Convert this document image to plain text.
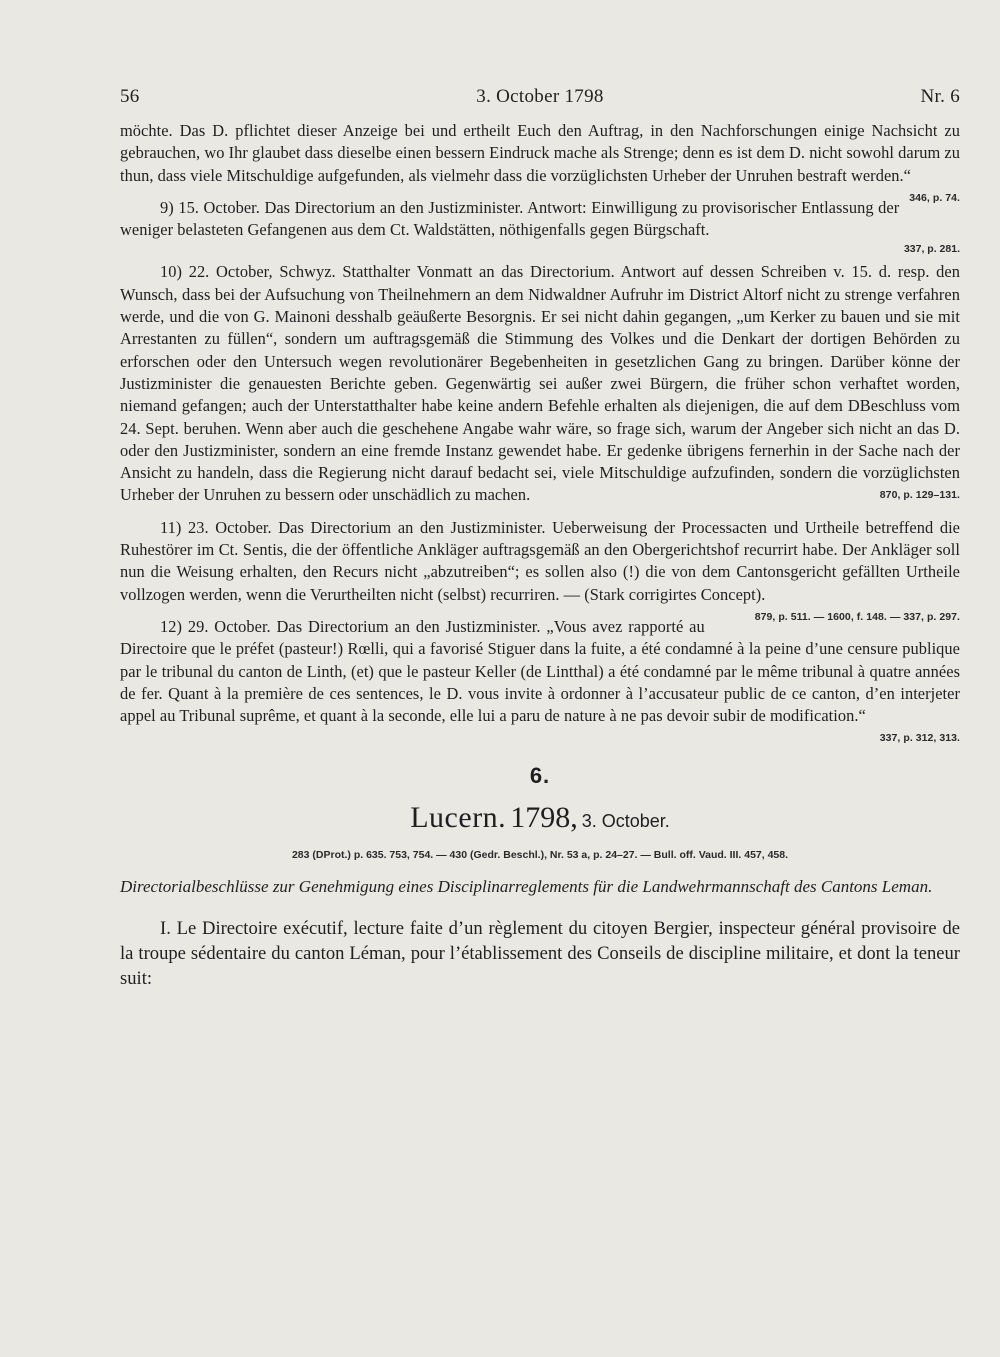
56	3. October 1798	Nr. 6

möchte. Das D. pflichtet dieser Anzeige bei und ertheilt Euch den Auftrag, in den Nachforschungen einige Nachsicht zu gebrauchen, wo Ihr glaubet dass dieselbe einen bessern Eindruck mache als Strenge; denn es ist dem D. nicht sowohl darum zu thun, dass viele Mitschuldige aufgefunden, als vielmehr dass die vorzüglichsten Urheber der Unruhen bestraft werden.“
346, p. 74.

9) 15. October. Das Directorium an den Justizminister. Antwort: Einwilligung zu provisorischer Entlassung der weniger belasteten Gefangenen aus dem Ct. Waldstätten, nöthigenfalls gegen Bürgschaft.

337, p. 281.

10) 22. October, Schwyz. Statthalter Vonmatt an das Directorium. Antwort auf dessen Schreiben v. 15. d. resp. den Wunsch, dass bei der Aufsuchung von Theilnehmern an dem Nidwaldner Aufruhr im District Altorf nicht zu strenge verfahren werde, und die von G. Mainoni desshalb geäußerte Besorgnis. Er sei nicht dahin gegangen, „um Kerker zu bauen und sie mit Arrestanten zu füllen“, sondern um auftragsgemäß die Stimmung des Volkes und die Denkart der dortigen Behörden zu erforschen oder den Untersuch wegen revolutionärer Begebenheiten in gesetzlichen Gang zu bringen. Darüber könne der Justizminister die genauesten Berichte geben. Gegenwärtig sei außer zwei Bürgern, die früher schon verhaftet worden, niemand gefangen; auch der Unterstatthalter habe keine andern Befehle erhalten als diejenigen, die auf dem DBeschluss vom 24. Sept. beruhen. Wenn aber auch die geschehene Angabe wahr wäre, so frage sich, warum der Angeber sich nicht an das D. oder den Justizminister, sondern an eine fremde Instanz gewendet habe. Er gedenke übrigens fernerhin in der Sache nach der Ansicht zu handeln, dass die Regierung nicht darauf bedacht sei, viele Mitschuldige aufzufinden, sondern die vorzüglichsten Urheber der Unruhen zu bessern oder unschädlich zu machen.	870, p. 129–131.

11) 23. October. Das Directorium an den Justizminister. Ueberweisung der Processacten und Urtheile betreffend die Ruhestörer im Ct. Sentis, die der öffentliche Ankläger auftragsgemäß an den Obergerichtshof recurrirt habe. Der Ankläger soll nun die Weisung erhalten, den Recurs nicht „abzutreiben“; es sollen also (!) die von dem Cantonsgericht gefällten Urtheile vollzogen werden, wenn die Verurtheilten nicht (selbst) recurriren. — (Stark corrigirtes Concept).
879, p. 511. — 1600, f. 148. — 337, p. 297.

12) 29. October. Das Directorium an den Justizminister. „Vous avez rapporté au Directoire que le préfet (pasteur!) Rœlli, qui a favorisé Stiguer dans la fuite, a été condamné à la peine d’une censure publique par le tribunal du canton de Linth, (et) que le pasteur Keller (de Lintthal) a été condamné par le même tribunal à quatre années de fer. Quant à la première de ces sentences, le D. vous invite à ordonner à l’accusateur public de ce canton, d’en interjeter appel au Tribunal suprême, et quant à la seconde, elle lui a paru de nature à ne pas devoir subir de modification.“
337, p. 312, 313.

6.
Lucern. 1798, 3. October.
283 (DProt.) p. 635. 753, 754. — 430 (Gedr. Beschl.), Nr. 53 a, p. 24–27. — Bull. off. Vaud. III. 457, 458.

Directorialbeschlüsse zur Genehmigung eines Disciplinarreglements für die Landwehrmannschaft des Cantons Leman.

I. Le Directoire exécutif, lecture faite d’un règlement du citoyen Bergier, inspecteur général provisoire de la troupe sédentaire du canton Léman, pour l’établissement des Conseils de discipline militaire, et dont la teneur suit:
